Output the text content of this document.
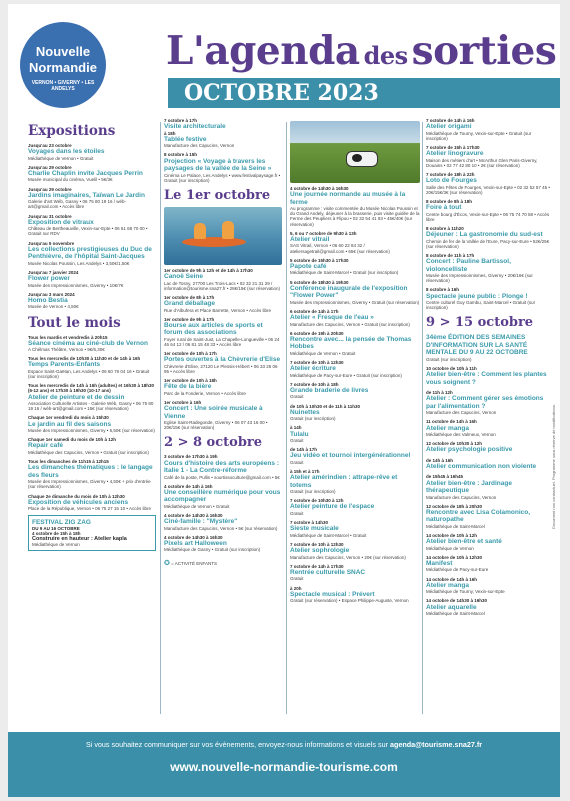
Nouvelle
Normandie
VERNON • GIVERNY • LES ANDELYS
L'agenda des sorties
OCTOBRE 2023
Expositions
Jusqu'au 23 octobre
Voyages dans les étoiles
Médiathèque de Vernon • Gratuit
Jusqu'au 29 octobre
Charlie Chaplin invite Jacques Perrin
Musée municipal du cinéma, Vuelil • 5€/3€
Jusqu'au 29 octobre
Jardins imaginaires, Taïwan Le Jardin
Galerie d'art Wéb, Gasny • 06 75 80 19 16 / wéb-art@gmail.com • Accès libre
Jusqu'au 31 octobre
Exposition de vitraux
Château de Bertheauville, Vexin-sur-Epte • 06 61 68 70 00 • Gratuit sur RDV
Jusqu'au 5 novembre
Les collections prestigieuses du Duc de Penthièvre, de l'hôpital Saint-Jacques
Musée Nicolas Poussin, Les Andelys • 3,50€/1,50€
Jusqu'au 7 janvier 2024
Flower power
Musée des Impressionnismes, Giverny • 10€/7€
Jusqu'au 3 mars 2024
Homo Bestia
Musée de Vernon • 4,50€
Tout le mois
Tous les mardis et vendredis à 20h15
Séance cinéma au ciné-club de Vernon
A Chélmas Théâtre, Vernon • 9€/6,30€
Tous les mercredis de 10h30 à 11h30 et de 14h à 16h
Temps Parents-Enfants
Espace Saint-Gaëtan, Les Andelys • 06 60 76 04 16 • Gratuit (sur inscription)
Tous les mercredis de 14h à 16h (adultes) et 16h30 à 18h30 (6-12 ans) et 17h30 à 19h30 (10-17 ans)
Atelier de peinture et de dessin
Association Culturelle Artistes - Galerie Wéb, Gasny • 06 75 80 19 16 / wéb-art@gmail.com • 15€ (sur réservation)
Chaque 1er vendredi du mois à 15h30
Le jardin au fil des saisons
Musée des Impressionnismes, Giverny • 5,50€ (sur réservation)
Chaque 1er samedi du mois de 10h à 12h
Repair café
Médiathèque des Capucins, Vernon • Gratuit (sur inscription)
Tous les dimanches de 11h15 à 12h15
Les dimanches thématiques : le langage des fleurs
Musée des Impressionnismes, Giverny • 4,50€ + prix d'entrée (sur réservation)
Chaque 2e dimanche du mois de 10h à 12h30
Exposition de véhicules anciens
Place de la République, Vernon • 06 75 27 15 10 • Accès libre
FESTIVAL ZIG ZAG
DU 9 AU 16 OCTOBRE
4 octobre de 15h à 18h
Construire en hauteur : Atelier kapla
Médiathèque de Vernon
7 octobre à 17h
Visite architecturale
à 18h
Tablée festive
Manufacture des Capucins, Vernon
8 octobre à 15h
Projection « Voyage à travers les paysages de la vallée de la Seine »
Cinéma Le Palace, Les Andelys • www.festivalpaysage.fr • Gratuit (sur inscription)
Le 1er octobre
1er octobre de 9h à 12h et de 14h à 17h30
Canoë Seine
Lac de Tosny, 27700 Les Trois-Lacs • 02 32 21 31 29 / information@tourisme.sna27.fr • 28€/15€ (sur réservation)
1er octobre de 8h à 17h
Grand déballage
Rue d'Albufera et Place Barrette, Vernon • Accès libre
1er octobre de 9h à 17h
Bourse aux articles de sports et forum des associations
Foyer rural de Saint-Just, La Chapelle-Longueville • 06 24 46 64 12 / 06 81 15 48 33 • Accès libre
1er octobre de 10h à 17h
Portes ouvertes à la Chèvrerie d'Elise
Chèvrerie d'Elise, 27120 Le Plessis-Hébert • 06 33 26 06 95 • Accès libre
1er octobre de 10h à 18h
Fête de la bière
Parc de la Fonderie, Vernon • Accès libre
1er octobre à 16h
Concert : Une soirée musicale à Vienne
Eglise Saint-Radegonde, Giverny • 06 07 43 16 00 • 20€/15€ (sur réservation)
2 > 8 octobre
3 octobre de 17h30 à 19h
Cours d'histoire des arts européens : Italie 1 - La Contre-réforme
Café de la poste, Pullis • sourtissoculture@gmail.com • 5€
4 octobre de 14h à 16h
Une conseillère numérique pour vous accompagner
Médiathèque de Vernon • Gratuit
4 octobre de 14h30 à 16h30
Ciné-famille : "Mystère"
Manufacture des Capucins, Vernon • 5€ (sur réservation)
4 octobre de 14h30 à 16h30
Pixels art Halloween
Médiathèque de Gasny • Gratuit (sur inscription)
✪ = ACTIVITÉ ENFANTS
4 octobre de 14h30 à 16h30
Une journée normande au musée à la ferme
Au programme : visite commentée du Musée Nicolas Poussin et du Grand Andely, déjeuner à la brasserie, puis visite guidée de la Ferme des Peupliers à Flipou • 02 32 54 41 93 • 45€/40€ (sur réservation)
5, 6 ou 7 octobre de 9h30 à 13h
Atelier vitrail
SAS Vitrail, Vernon • 06 60 22 84 32 / ateliersagetrail@gmail.com • 65€ (sur réservation)
5 octobre de 15h30 à 17h30
Papote café
Médiathèque de Saint-Marcel • Gratuit (sur inscription)
5 octobre de 18h30 à 19h30
Conférence inaugurale de l'exposition "Flower Power"
Musée des Impressionnismes, Giverny • Gratuit (sur réservation)
6 octobre de 14h à 17h
Atelier « Fresque de l'eau »
Manufacture des Capucins, Vernon • Gratuit (sur inscription)
6 octobre de 19h à 20h30
Rencontre avec... la pensée de Thomas Hobbes
Médiathèque de Vernon • Gratuit
7 octobre de 10h à 12h30
Atelier écriture
Médiathèque de Pacy-sur-Eure • Gratuit (sur inscription)
7 octobre de 10h à 18h
Grande braderie de livres
Gratuit
de 10h à 10h30 et de 11h à 11h30
Nuinettes
Gratuit (sur inscription)
à 14h
Tulalu
Gratuit
de 14h à 17h
Jeu vidéo et tournoi intergénérationnel
Gratuit
à 15h et à 17h
Atelier amérindien : attrape-rêve et totems
Gratuit (sur inscription)
7 octobre de 10h30 à 12h
Atelier peinture de l'espace
Gratuit
7 octobre à 14h30
Sieste musicale
Médiathèque de Saint-Marcel • Gratuit
7 octobre de 10h à 12h30
Atelier sophrologie
Manufacture des Capucins, Vernon • 20€ (sur réservation)
7 octobre de 14h à 17h30
Rentrée culturelle SNAC
Gratuit
à 20h
Spectacle musical : Prévert
Gratuit (sur réservation) • Espace Philippe-Auguste, Vernon
7 octobre de 14h à 16h
Atelier origami
Médiathèque de Tourny, Vexin-sur-Epte • Gratuit (sur inscription)
7 octobre de 15h à 17h30
Atelier linogravure
Maison des métiers d'art • McArthur Glen Paris-Giverny, Douains • 02 77 42 80 10 • 2€ (sur réservation)
7 octobre de 18h à 22h
Loto de Fourges
Salle des Fêtes de Fourges, Vexin-sur-Epte • 02 32 52 57 45 • 20€/15€/3€ (sur réservation)
8 octobre de 8h à 18h
Foire à tout
Centre bourg d'Écos, Vexin-sur-Epte • 06 75 74 70 58 • Accès libre
8 octobre à 11h20
Déjeuner : La gastronomie du sud-est
Chemin de fer de la Vallée de l'Eure, Pacy-sur-Eure • 52€/25€ (sur réservation)
8 octobre de 11h à 17h
Concert : Pauline Bartissol, violoncelliste
Musée des Impressionnismes, Giverny • 20€/16€ (sur réservation)
8 octobre à 16h
Spectacle jeune public : Plonge !
Centre culturel Guy Gambu, Saint-Marcel • Gratuit (sur inscription)
9 > 15 octobre
34ème ÉDITION DES SEMAINES D'INFORMATION SUR LA SANTÉ MENTALE DU 9 AU 22 OCTOBRE
Gratuit (sur inscription)
10 octobre de 10h à 11h
Atelier bien-être : Comment les plantes vous soignent ?
de 11h à 12h
Atelier : Comment gérer ses émotions par l'alimentation ?
Manufacture des Capucins, Vernon
11 octobre de 14h à 16h
Atelier manga
Médiathèque des Valmeux, Vernon
12 octobre de 10h30 à 12h
Atelier psychologie positive
de 14h à 16h
Atelier communication non violente
de 15h45 à 16h45
Atelier bien-être : Jardinage thérapeutique
Manufacture des Capucins, Vernon
12 octobre de 18h à 20h30
Rencontre avec Lisa Colamonico, naturopathe
Médiathèque de Saint-Marcel
14 octobre de 10h à 12h
Atelier bien-être et santé
Médiathèque de Vernon
14 octobre de 10h à 12h30
Manifest
Médiathèque de Pacy-sur-Eure
14 octobre de 14h à 16h
Atelier manga
Médiathèque de Tourny, Vexin-sur-Epte
14 octobre de 14h30 à 16h30
Atelier aquarelle
Médiathèque de Saint-Marcel
Document non contractuel. Programme sous réserve de modifications.
Si vous souhaitez communiquer sur vos évènements, envoyez-nous informations et visuels sur agenda@tourisme.sna27.fr
www.nouvelle-normandie-tourisme.com
